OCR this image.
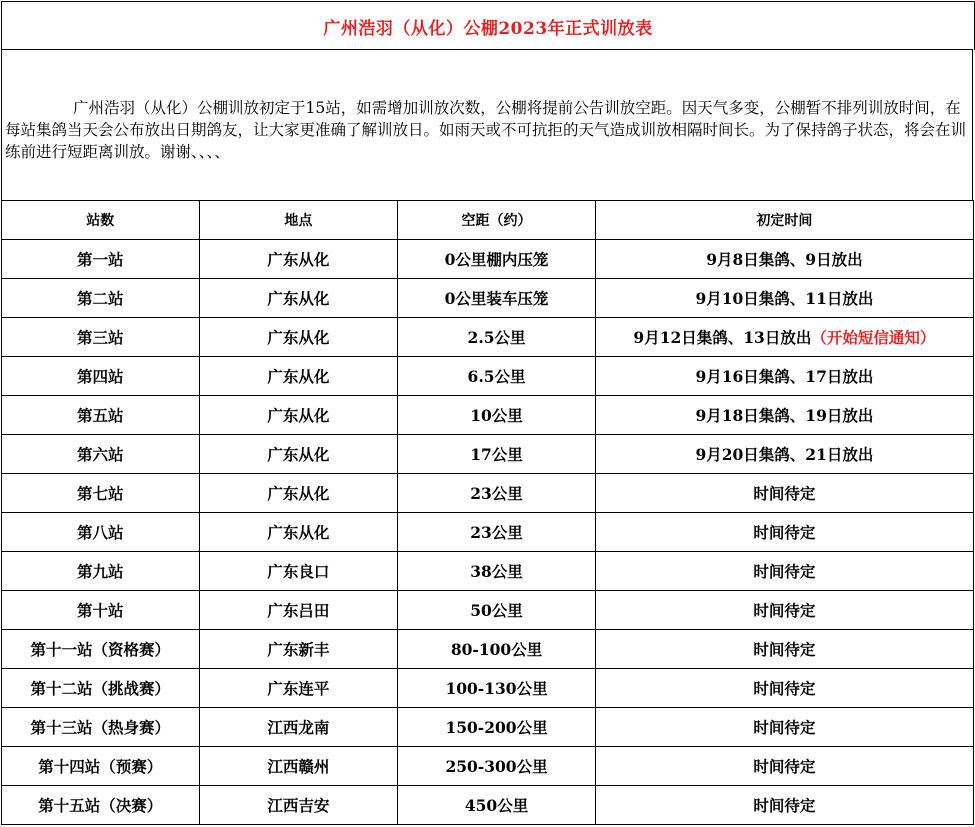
广州浩羽（从化）公棚2023年正式训放表

广州浩羽（从化）公棚训放初定于15站，如需增加训放次数，公棚将提前公告训放空距。因天气多变，公棚暂不排列训放时间，在每站集鸽当天会公布放出日期鸽友，让大家更准确了解训放日。如雨天或不可抗拒的天气造成训放相隔时间长。为了保持鸽子状态，将会在训练前进行短距离训放。谢谢、、、、

站数	地点	空距（约）	初定时间
第一站	广东从化	0公里棚内压笼	9月8日集鸽、9日放出
第二站	广东从化	0公里装车压笼	9月10日集鸽、11日放出
第三站	广东从化	2.5公里	9月12日集鸽、13日放出（开始短信通知）
第四站	广东从化	6.5公里	9月16日集鸽、17日放出
第五站	广东从化	10公里	9月18日集鸽、19日放出
第六站	广东从化	17公里	9月20日集鸽、21日放出
第七站	广东从化	23公里	时间待定
第八站	广东从化	23公里	时间待定
第九站	广东良口	38公里	时间待定
第十站	广东吕田	50公里	时间待定
第十一站（资格赛）	广东新丰	80-100公里	时间待定
第十二站（挑战赛）	广东连平	100-130公里	时间待定
第十三站（热身赛）	江西龙南	150-200公里	时间待定
第十四站（预赛）	江西赣州	250-300公里	时间待定
第十五站（决赛）	江西吉安	450公里	时间待定
